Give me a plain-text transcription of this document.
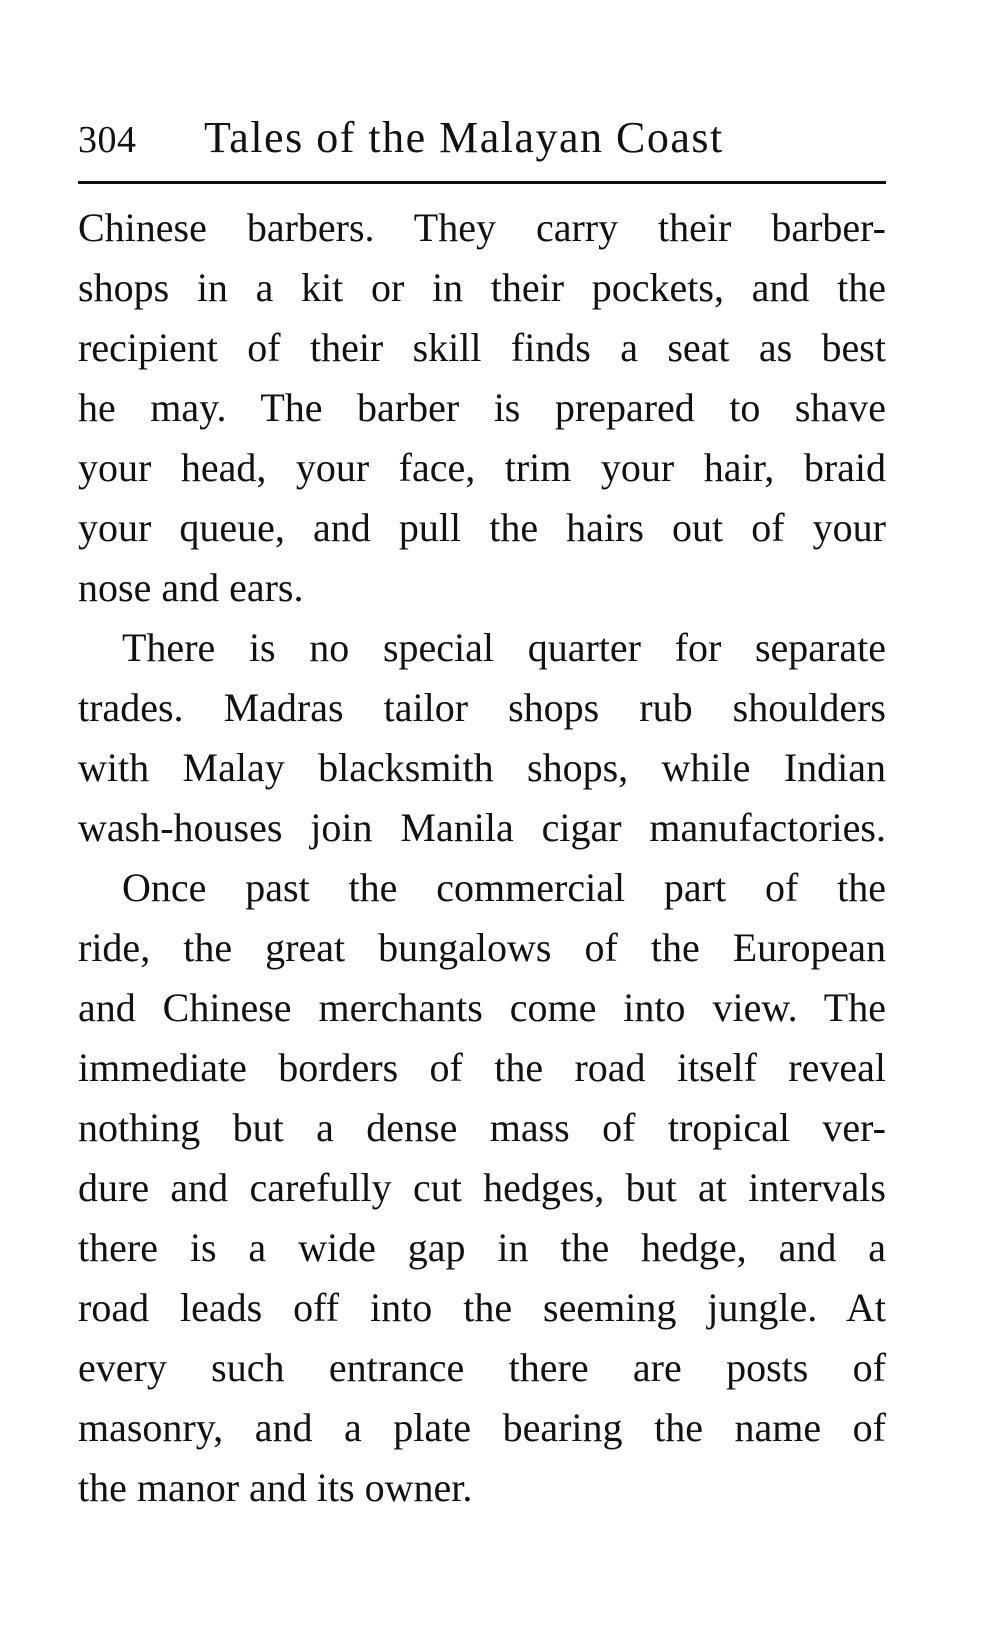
304 Tales of the Malayan Coast
Chinese barbers. They carry their barber-
shops in a kit or in their pockets, and the
recipient of their skill finds a seat as best
he may. The barber is prepared to shave
your head, your face, trim your hair, braid
your queue, and pull the hairs out of your
nose and ears.
There is no special quarter for separate
trades. Madras tailor shops rub shoulders
with Malay blacksmith shops, while Indian
wash-houses join Manila cigar manufactories.
Once past the commercial part of the
ride, the great bungalows of the European
and Chinese merchants come into view. The
immediate borders of the road itself reveal
nothing but a dense mass of tropical ver-
dure and carefully cut hedges, but at intervals
there is a wide gap in the hedge, and a
road leads off into the seeming jungle. At
every such entrance there are posts of
masonry, and a plate bearing the name of
the manor and its owner.
